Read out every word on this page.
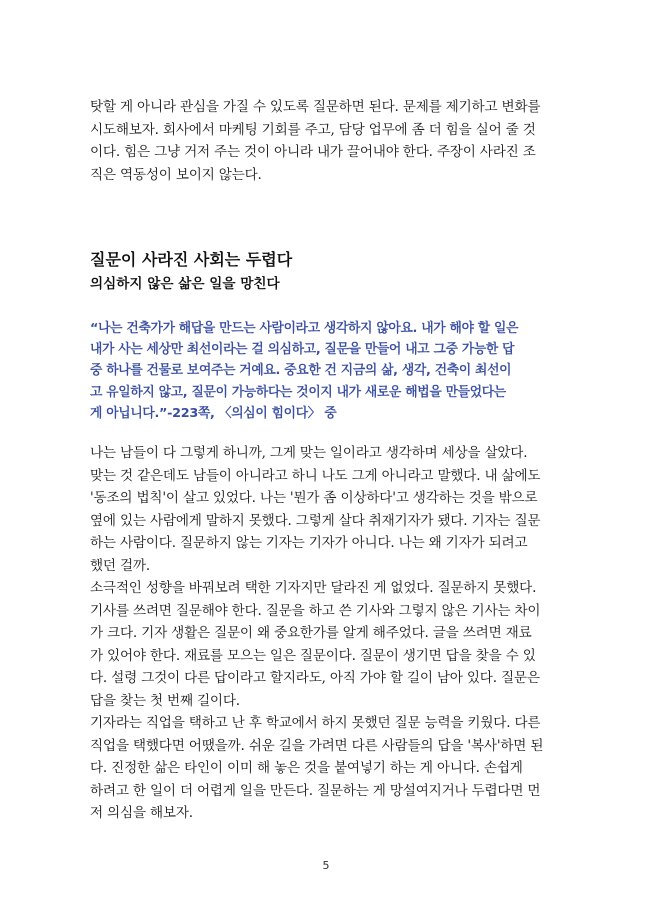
탓할 게 아니라 관심을 가질 수 있도록 질문하면 된다. 문제를 제기하고 변화를
시도해보자. 회사에서 마케팅 기회를 주고, 담당 업무에 좀 더 힘을 실어 줄 것
이다. 힘은 그냥 거저 주는 것이 아니라 내가 끌어내야 한다. 주장이 사라진 조
직은 역동성이 보이지 않는다.
질문이 사라진 사회는 두렵다
의심하지 않은 삶은 일을 망친다
“나는 건축가가 해답을 만드는 사람이라고 생각하지 않아요. 내가 해야 할 일은
내가 사는 세상만 최선이라는 걸 의심하고, 질문을 만들어 내고 그중 가능한 답
중 하나를 건물로 보여주는 거예요. 중요한 건 지금의 삶, 생각, 건축이 최선이
고 유일하지 않고, 질문이 가능하다는 것이지 내가 새로운 해법을 만들었다는
게 아닙니다.”-223쪽, 〈의심이 힘이다〉 중
나는 남들이 다 그렇게 하니까, 그게 맞는 일이라고 생각하며 세상을 살았다.
맞는 것 같은데도 남들이 아니라고 하니 나도 그게 아니라고 말했다. 내 삶에도
'동조의 법칙'이 살고 있었다. 나는 '뭔가 좀 이상하다'고 생각하는 것을 밖으로
옆에 있는 사람에게 말하지 못했다. 그렇게 살다 취재기자가 됐다. 기자는 질문
하는 사람이다. 질문하지 않는 기자는 기자가 아니다. 나는 왜 기자가 되려고
했던 걸까.
소극적인 성향을 바꿔보려 택한 기자지만 달라진 게 없었다. 질문하지 못했다.
기사를 쓰려면 질문해야 한다. 질문을 하고 쓴 기사와 그렇지 않은 기사는 차이
가 크다. 기자 생활은 질문이 왜 중요한가를 알게 해주었다. 글을 쓰려면 재료
가 있어야 한다. 재료를 모으는 일은 질문이다. 질문이 생기면 답을 찾을 수 있
다. 설령 그것이 다른 답이라고 할지라도, 아직 가야 할 길이 남아 있다. 질문은
답을 찾는 첫 번째 길이다.
기자라는 직업을 택하고 난 후 학교에서 하지 못했던 질문 능력을 키웠다. 다른
직업을 택했다면 어땠을까. 쉬운 길을 가려면 다른 사람들의 답을 '복사'하면 된
다. 진정한 삶은 타인이 이미 해 놓은 것을 붙여넣기 하는 게 아니다. 손쉽게
하려고 한 일이 더 어렵게 일을 만든다. 질문하는 게 망설여지거나 두렵다면 먼
저 의심을 해보자.
5
